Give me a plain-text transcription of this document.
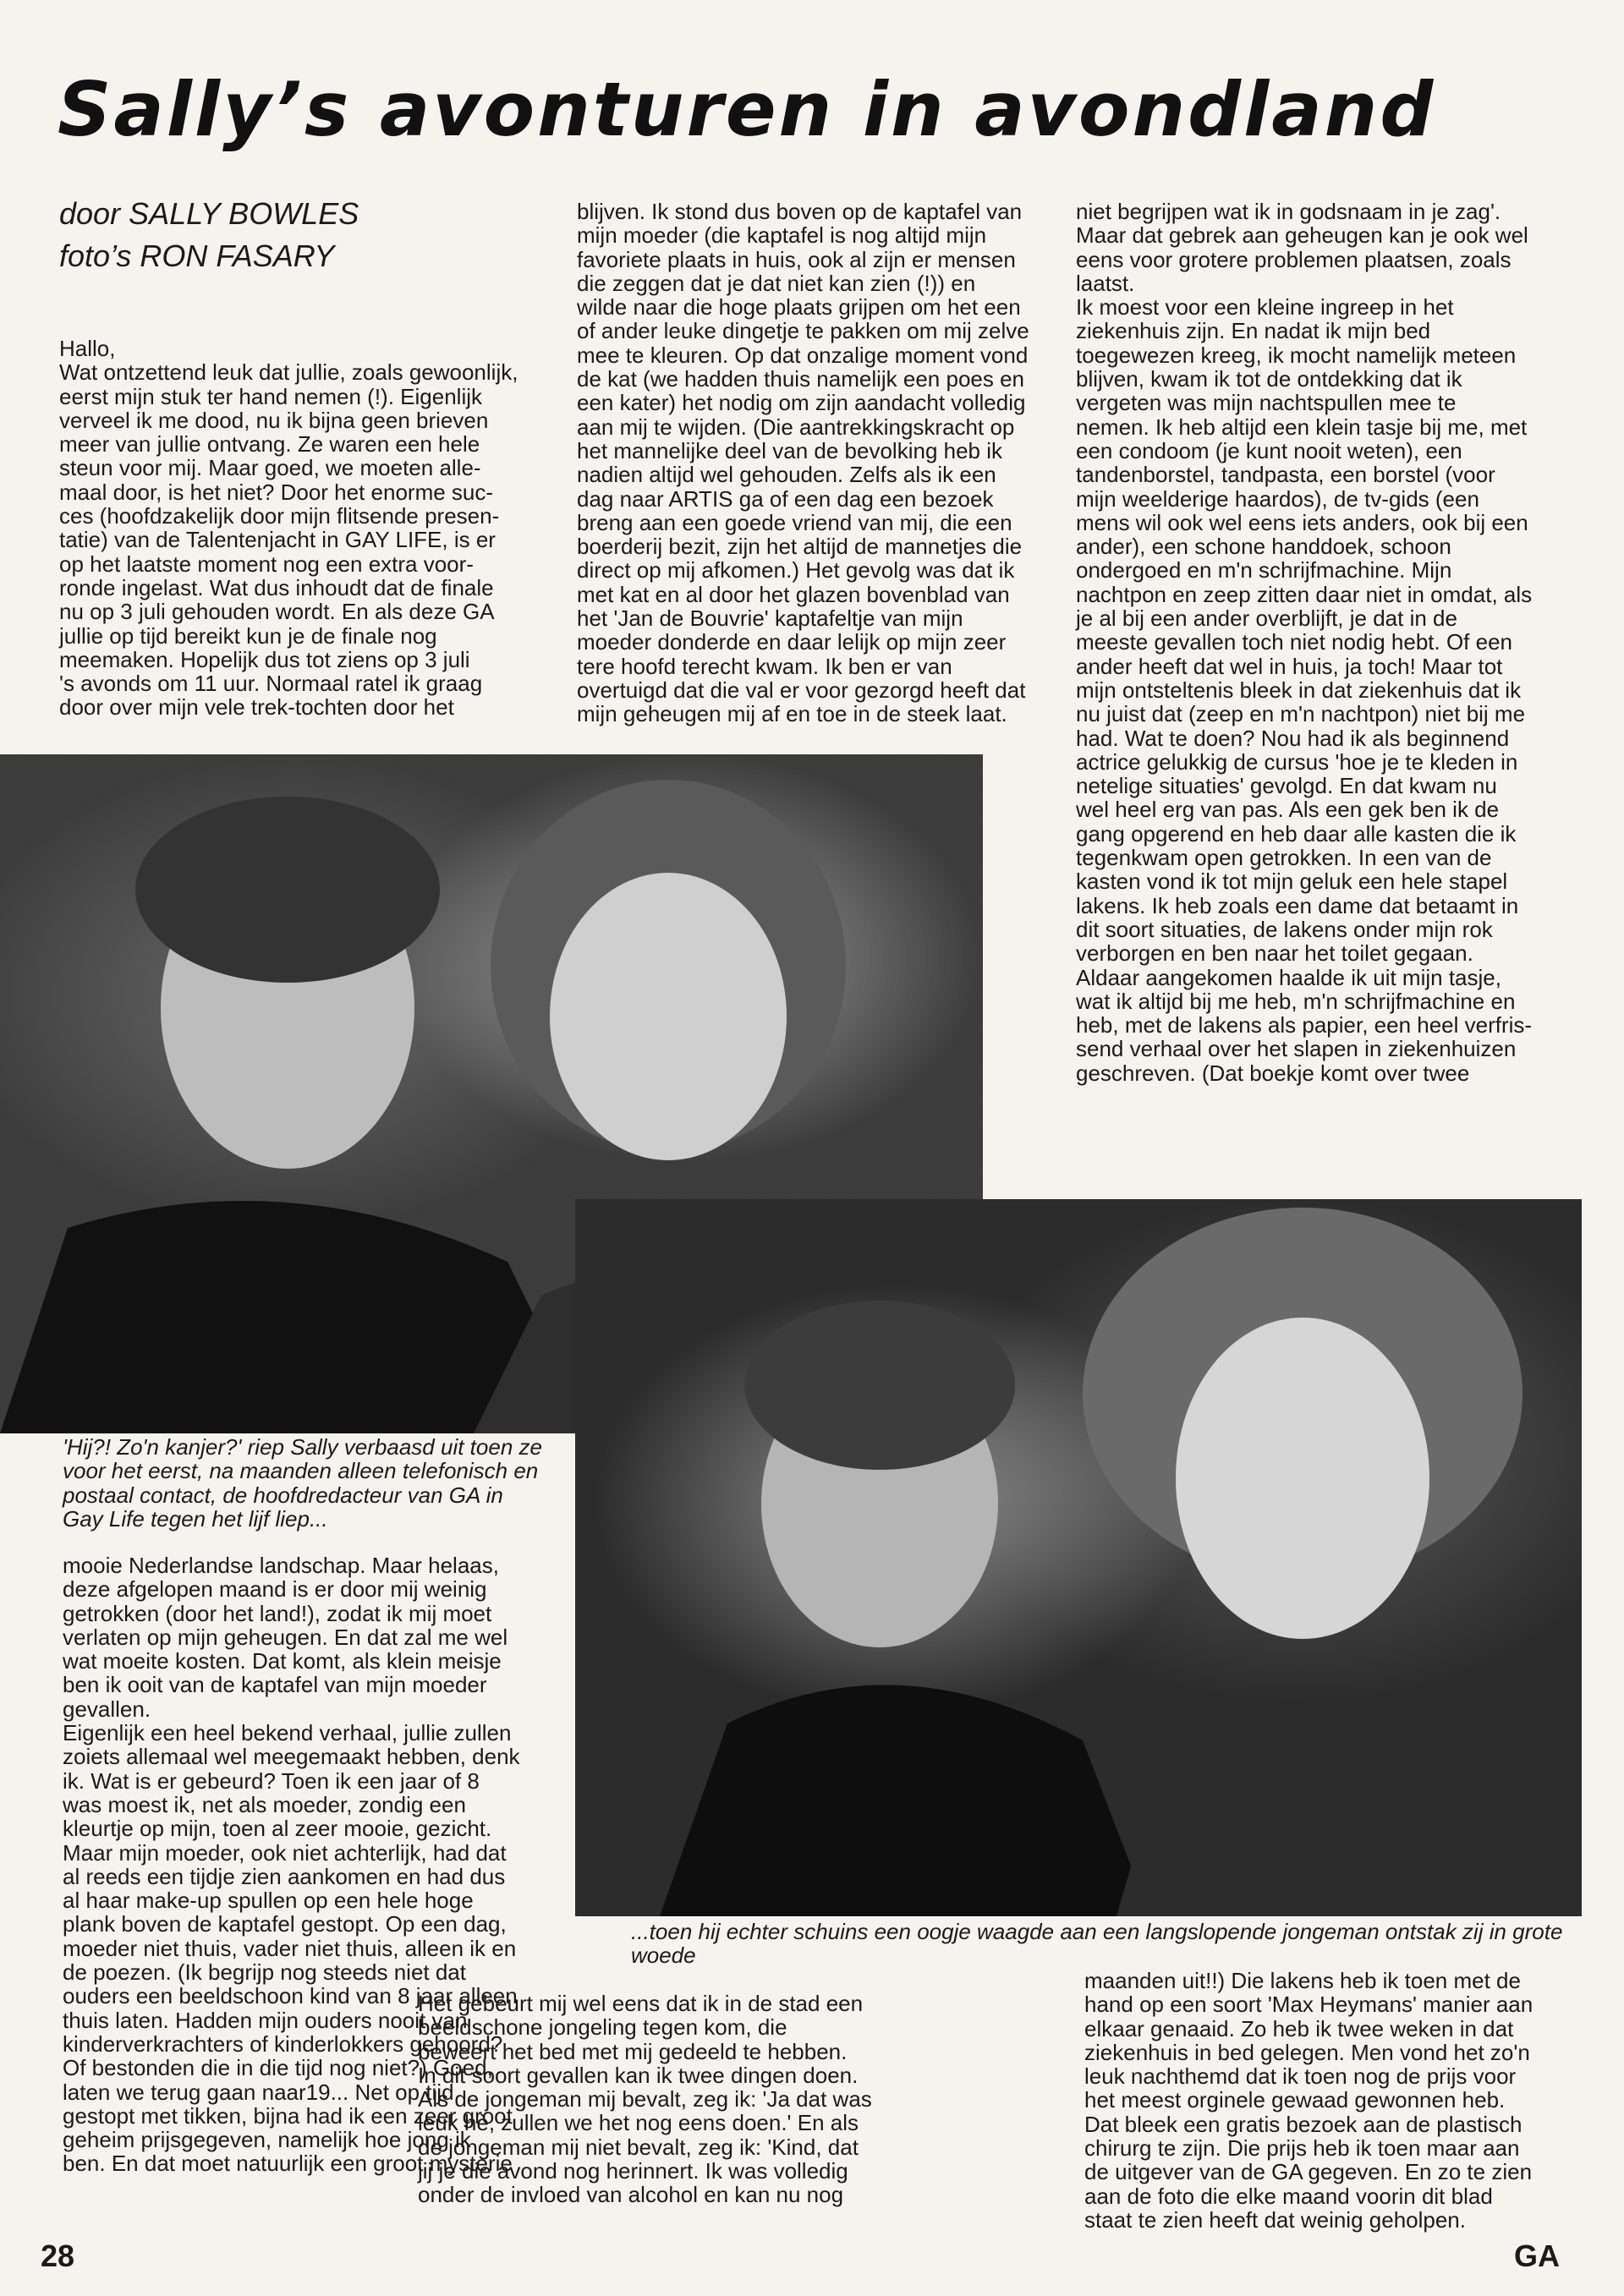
Sally’s avonturen in avondland
door SALLY BOWLES
foto’s RON FASARY
Hallo,
Wat ontzettend leuk dat jullie, zoals gewoonlijk,
eerst mijn stuk ter hand nemen (!). Eigenlijk
verveel ik me dood, nu ik bijna geen brieven
meer van jullie ontvang. Ze waren een hele
steun voor mij. Maar goed, we moeten alle-
maal door, is het niet? Door het enorme suc-
ces (hoofdzakelijk door mijn flitsende presen-
tatie) van de Talentenjacht in GAY LIFE, is er
op het laatste moment nog een extra voor-
ronde ingelast. Wat dus inhoudt dat de finale
nu op 3 juli gehouden wordt. En als deze GA
jullie op tijd bereikt kun je de finale nog
meemaken. Hopelijk dus tot ziens op 3 juli
's avonds om 11 uur. Normaal ratel ik graag
door over mijn vele trek-tochten door het
blijven. Ik stond dus boven op de kaptafel van
mijn moeder (die kaptafel is nog altijd mijn
favoriete plaats in huis, ook al zijn er mensen
die zeggen dat je dat niet kan zien (!)) en
wilde naar die hoge plaats grijpen om het een
of ander leuke dingetje te pakken om mij zelve
mee te kleuren. Op dat onzalige moment vond
de kat (we hadden thuis namelijk een poes en
een kater) het nodig om zijn aandacht volledig
aan mij te wijden. (Die aantrekkingskracht op
het mannelijke deel van de bevolking heb ik
nadien altijd wel gehouden. Zelfs als ik een
dag naar ARTIS ga of een dag een bezoek
breng aan een goede vriend van mij, die een
boerderij bezit, zijn het altijd de mannetjes die
direct op mij afkomen.) Het gevolg was dat ik
met kat en al door het glazen bovenblad van
het 'Jan de Bouvrie' kaptafeltje van mijn
moeder donderde en daar lelijk op mijn zeer
tere hoofd terecht kwam. Ik ben er van
overtuigd dat die val er voor gezorgd heeft dat
mijn geheugen mij af en toe in de steek laat.
niet begrijpen wat ik in godsnaam in je zag'.
Maar dat gebrek aan geheugen kan je ook wel
eens voor grotere problemen plaatsen, zoals
laatst.
Ik moest voor een kleine ingreep in het
ziekenhuis zijn. En nadat ik mijn bed
toegewezen kreeg, ik mocht namelijk meteen
blijven, kwam ik tot de ontdekking dat ik
vergeten was mijn nachtspullen mee te
nemen. Ik heb altijd een klein tasje bij me, met
een condoom (je kunt nooit weten), een
tandenborstel, tandpasta, een borstel (voor
mijn weelderige haardos), de tv-gids (een
mens wil ook wel eens iets anders, ook bij een
ander), een schone handdoek, schoon
ondergoed en m'n schrijfmachine. Mijn
nachtpon en zeep zitten daar niet in omdat, als
je al bij een ander overblijft, je dat in de
meeste gevallen toch niet nodig hebt. Of een
ander heeft dat wel in huis, ja toch! Maar tot
mijn ontsteltenis bleek in dat ziekenhuis dat ik
nu juist dat (zeep en m'n nachtpon) niet bij me
had. Wat te doen? Nou had ik als beginnend
actrice gelukkig de cursus 'hoe je te kleden in
netelige situaties' gevolgd. En dat kwam nu
wel heel erg van pas. Als een gek ben ik de
gang opgerend en heb daar alle kasten die ik
tegenkwam open getrokken. In een van de
kasten vond ik tot mijn geluk een hele stapel
lakens. Ik heb zoals een dame dat betaamt in
dit soort situaties, de lakens onder mijn rok
verborgen en ben naar het toilet gegaan.
Aldaar aangekomen haalde ik uit mijn tasje,
wat ik altijd bij me heb, m'n schrijfmachine en
heb, met de lakens als papier, een heel verfris-
send verhaal over het slapen in ziekenhuizen
geschreven. (Dat boekje komt over twee
'Hij?! Zo'n kanjer?' riep Sally verbaasd uit toen ze
voor het eerst, na maanden alleen telefonisch en
postaal contact, de hoofdredacteur van GA in
Gay Life tegen het lijf liep...
mooie Nederlandse landschap. Maar helaas,
deze afgelopen maand is er door mij weinig
getrokken (door het land!), zodat ik mij moet
verlaten op mijn geheugen. En dat zal me wel
wat moeite kosten. Dat komt, als klein meisje
ben ik ooit van de kaptafel van mijn moeder
gevallen.
Eigenlijk een heel bekend verhaal, jullie zullen
zoiets allemaal wel meegemaakt hebben, denk
ik. Wat is er gebeurd? Toen ik een jaar of 8
was moest ik, net als moeder, zondig een
kleurtje op mijn, toen al zeer mooie, gezicht.
Maar mijn moeder, ook niet achterlijk, had dat
al reeds een tijdje zien aankomen en had dus
al haar make-up spullen op een hele hoge
plank boven de kaptafel gestopt. Op een dag,
moeder niet thuis, vader niet thuis, alleen ik en
de poezen. (Ik begrijp nog steeds niet dat
ouders een beeldschoon kind van 8 jaar alleen
thuis laten. Hadden mijn ouders nooit van
kinderverkrachters of kinderlokkers gehoord?
Of bestonden die in die tijd nog niet?) Goed,
laten we terug gaan naar19... Net op tijd
gestopt met tikken, bijna had ik een zeer groot
geheim prijsgegeven, namelijk hoe jong ik
ben. En dat moet natuurlijk een groot mysterie
...toen hij echter schuins een oogje waagde aan een langslopende jongeman ontstak zij in grote
woede
Het gebeurt mij wel eens dat ik in de stad een
beeldschone jongeling tegen kom, die
beweert het bed met mij gedeeld te hebben.
In dit soort gevallen kan ik twee dingen doen.
Als de jongeman mij bevalt, zeg ik: 'Ja dat was
leuk hè, zullen we het nog eens doen.' En als
de jongeman mij niet bevalt, zeg ik: 'Kind, dat
jij je die avond nog herinnert. Ik was volledig
onder de invloed van alcohol en kan nu nog
maanden uit!!) Die lakens heb ik toen met de
hand op een soort 'Max Heymans' manier aan
elkaar genaaid. Zo heb ik twee weken in dat
ziekenhuis in bed gelegen. Men vond het zo'n
leuk nachthemd dat ik toen nog de prijs voor
het meest orginele gewaad gewonnen heb.
Dat bleek een gratis bezoek aan de plastisch
chirurg te zijn. Die prijs heb ik toen maar aan
de uitgever van de GA gegeven. En zo te zien
aan de foto die elke maand voorin dit blad
staat te zien heeft dat weinig geholpen.
28	GA
